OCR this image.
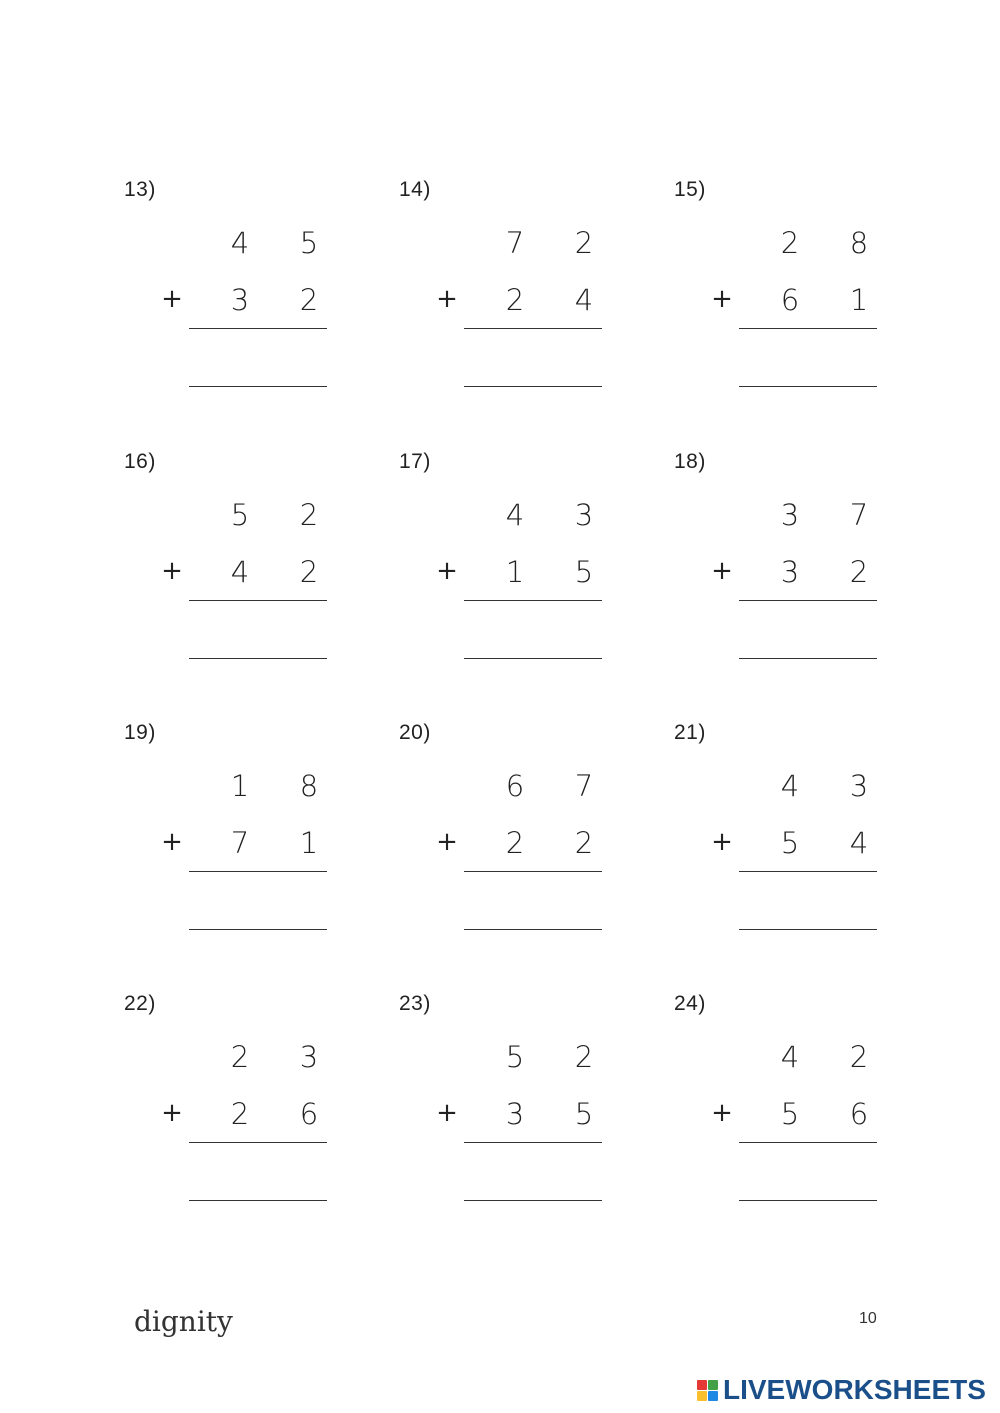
13)
4 5
3 2
+
14)
7 2
2 4
+
15)
2 8
6 1
+
16)
5 2
4 2
+
17)
4 3
1 5
+
18)
3 7
3 2
+
19)
1 8
7 1
+
20)
6 7
2 2
+
21)
4 3
5 4
+
22)
2 3
2 6
+
23)
5 2
3 5
+
24)
4 2
5 6
+
dignity	10
LIVEWORKSHEETS
